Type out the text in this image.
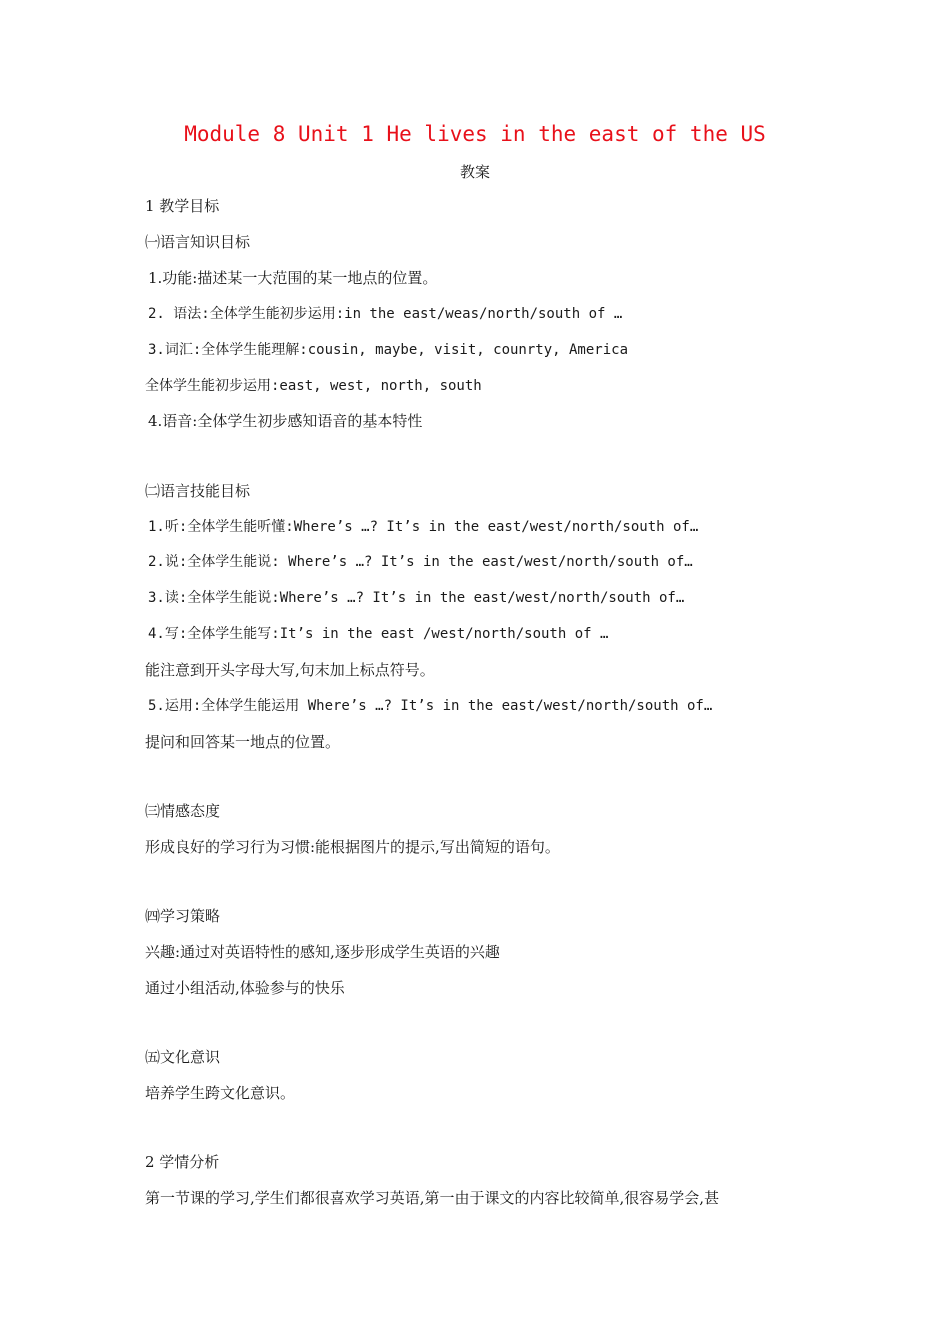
Module 8 Unit 1 He lives in the east of the US
教案
1 教学目标
㈠语言知识目标
1.功能:描述某一大范围的某一地点的位置。
2. 语法:全体学生能初步运用:in the east/weas/north/south of …
3.词汇:全体学生能理解:cousin, maybe, visit, counrty, America
全体学生能初步运用:east, west, north, south
4.语音:全体学生初步感知语音的基本特性
㈡语言技能目标
1.听:全体学生能听懂:Where’s …? It’s in the east/west/north/south of…
2.说:全体学生能说: Where’s …? It’s in the east/west/north/south of…
3.读:全体学生能说:Where’s …? It’s in the east/west/north/south of…
4.写:全体学生能写:It’s in the east /west/north/south of …
能注意到开头字母大写,句末加上标点符号。
5.运用:全体学生能运用 Where’s …? It’s in the east/west/north/south of…
提问和回答某一地点的位置。
㈢情感态度
形成良好的学习行为习惯:能根据图片的提示,写出简短的语句。
㈣学习策略
兴趣:通过对英语特性的感知,逐步形成学生英语的兴趣
通过小组活动,体验参与的快乐
㈤文化意识
培养学生跨文化意识。
2 学情分析
第一节课的学习,学生们都很喜欢学习英语,第一由于课文的内容比较简单,很容易学会,甚
